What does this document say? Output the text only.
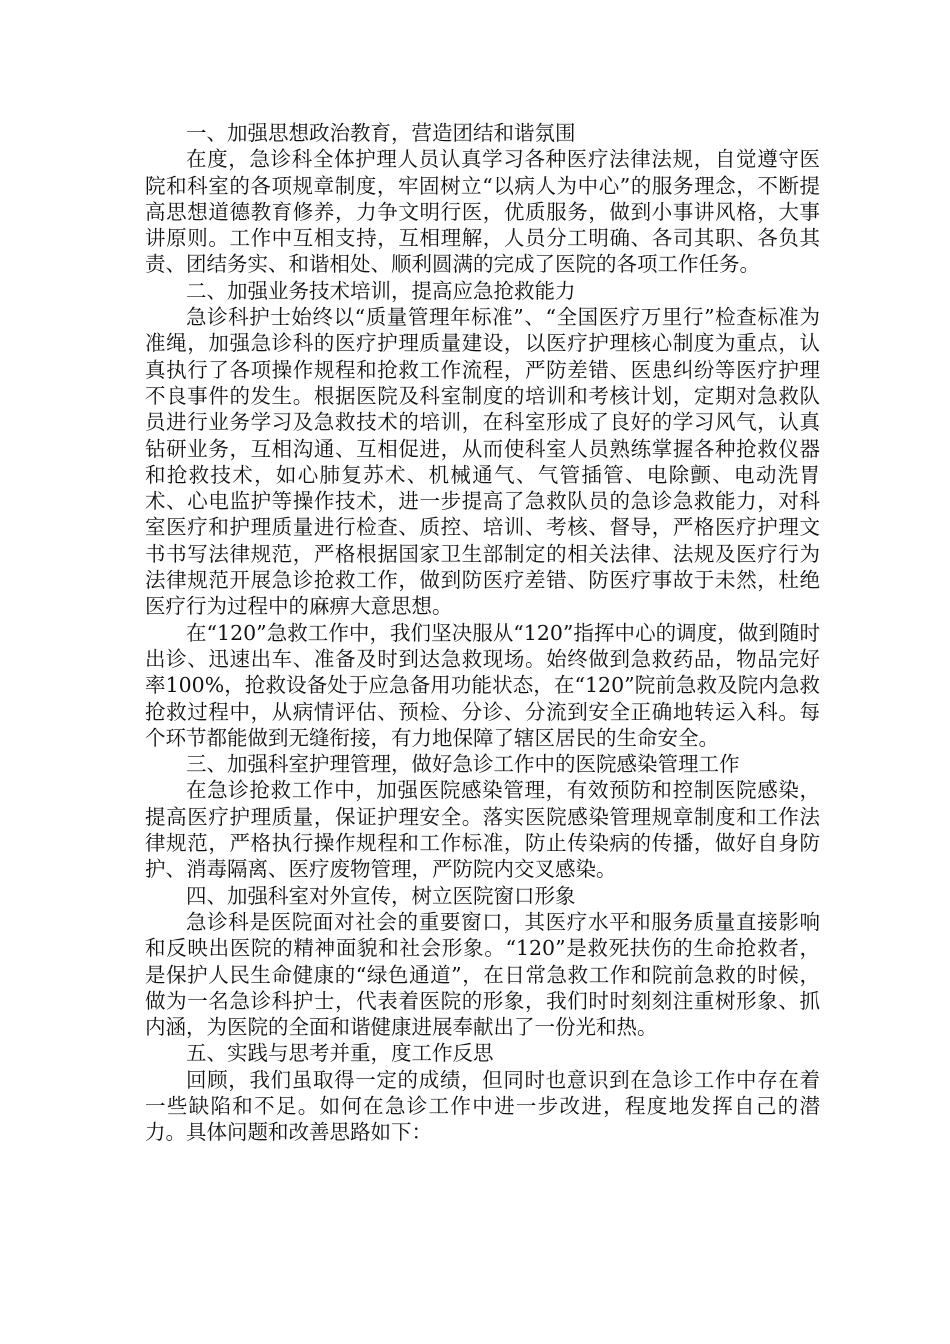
一、加强思想政治教育，营造团结和谐氛围

在度，急诊科全体护理人员认真学习各种医疗法律法规，自觉遵守医院和科室的各项规章制度，牢固树立“以病人为中心”的服务理念，不断提高思想道德教育修养，力争文明行医，优质服务，做到小事讲风格，大事讲原则。工作中互相支持，互相理解，人员分工明确、各司其职、各负其责、团结务实、和谐相处、顺利圆满的完成了医院的各项工作任务。

二、加强业务技术培训，提高应急抢救能力

急诊科护士始终以“质量管理年标准”、“全国医疗万里行”检查标准为准绳，加强急诊科的医疗护理质量建设，以医疗护理核心制度为重点，认真执行了各项操作规程和抢救工作流程，严防差错、医患纠纷等医疗护理不良事件的发生。根据医院及科室制度的培训和考核计划，定期对急救队员进行业务学习及急救技术的培训，在科室形成了良好的学习风气，认真钻研业务，互相沟通、互相促进，从而使科室人员熟练掌握各种抢救仪器和抢救技术，如心肺复苏术、机械通气、气管插管、电除颤、电动洗胃术、心电监护等操作技术，进一步提高了急救队员的急诊急救能力，对科室医疗和护理质量进行检查、质控、培训、考核、督导，严格医疗护理文书书写法律规范，严格根据国家卫生部制定的相关法律、法规及医疗行为法律规范开展急诊抢救工作，做到防医疗差错、防医疗事故于未然，杜绝医疗行为过程中的麻痹大意思想。

在“120”急救工作中，我们坚决服从“120”指挥中心的调度，做到随时出诊、迅速出车、准备及时到达急救现场。始终做到急救药品，物品完好率100%，抢救设备处于应急备用功能状态，在“120”院前急救及院内急救抢救过程中，从病情评估、预检、分诊、分流到安全正确地转运入科。每个环节都能做到无缝衔接，有力地保障了辖区居民的生命安全。

三、加强科室护理管理，做好急诊工作中的医院感染管理工作

在急诊抢救工作中，加强医院感染管理，有效预防和控制医院感染，提高医疗护理质量，保证护理安全。落实医院感染管理规章制度和工作法律规范，严格执行操作规程和工作标准，防止传染病的传播，做好自身防护、消毒隔离、医疗废物管理，严防院内交叉感染。

四、加强科室对外宣传，树立医院窗口形象

急诊科是医院面对社会的重要窗口，其医疗水平和服务质量直接影响和反映出医院的精神面貌和社会形象。“120”是救死扶伤的生命抢救者，是保护人民生命健康的“绿色通道”，在日常急救工作和院前急救的时候，做为一名急诊科护士，代表着医院的形象，我们时时刻刻注重树形象、抓内涵，为医院的全面和谐健康进展奉献出了一份光和热。

五、实践与思考并重，度工作反思

回顾，我们虽取得一定的成绩，但同时也意识到在急诊工作中存在着一些缺陷和不足。如何在急诊工作中进一步改进，程度地发挥自己的潜力。具体问题和改善思路如下：
